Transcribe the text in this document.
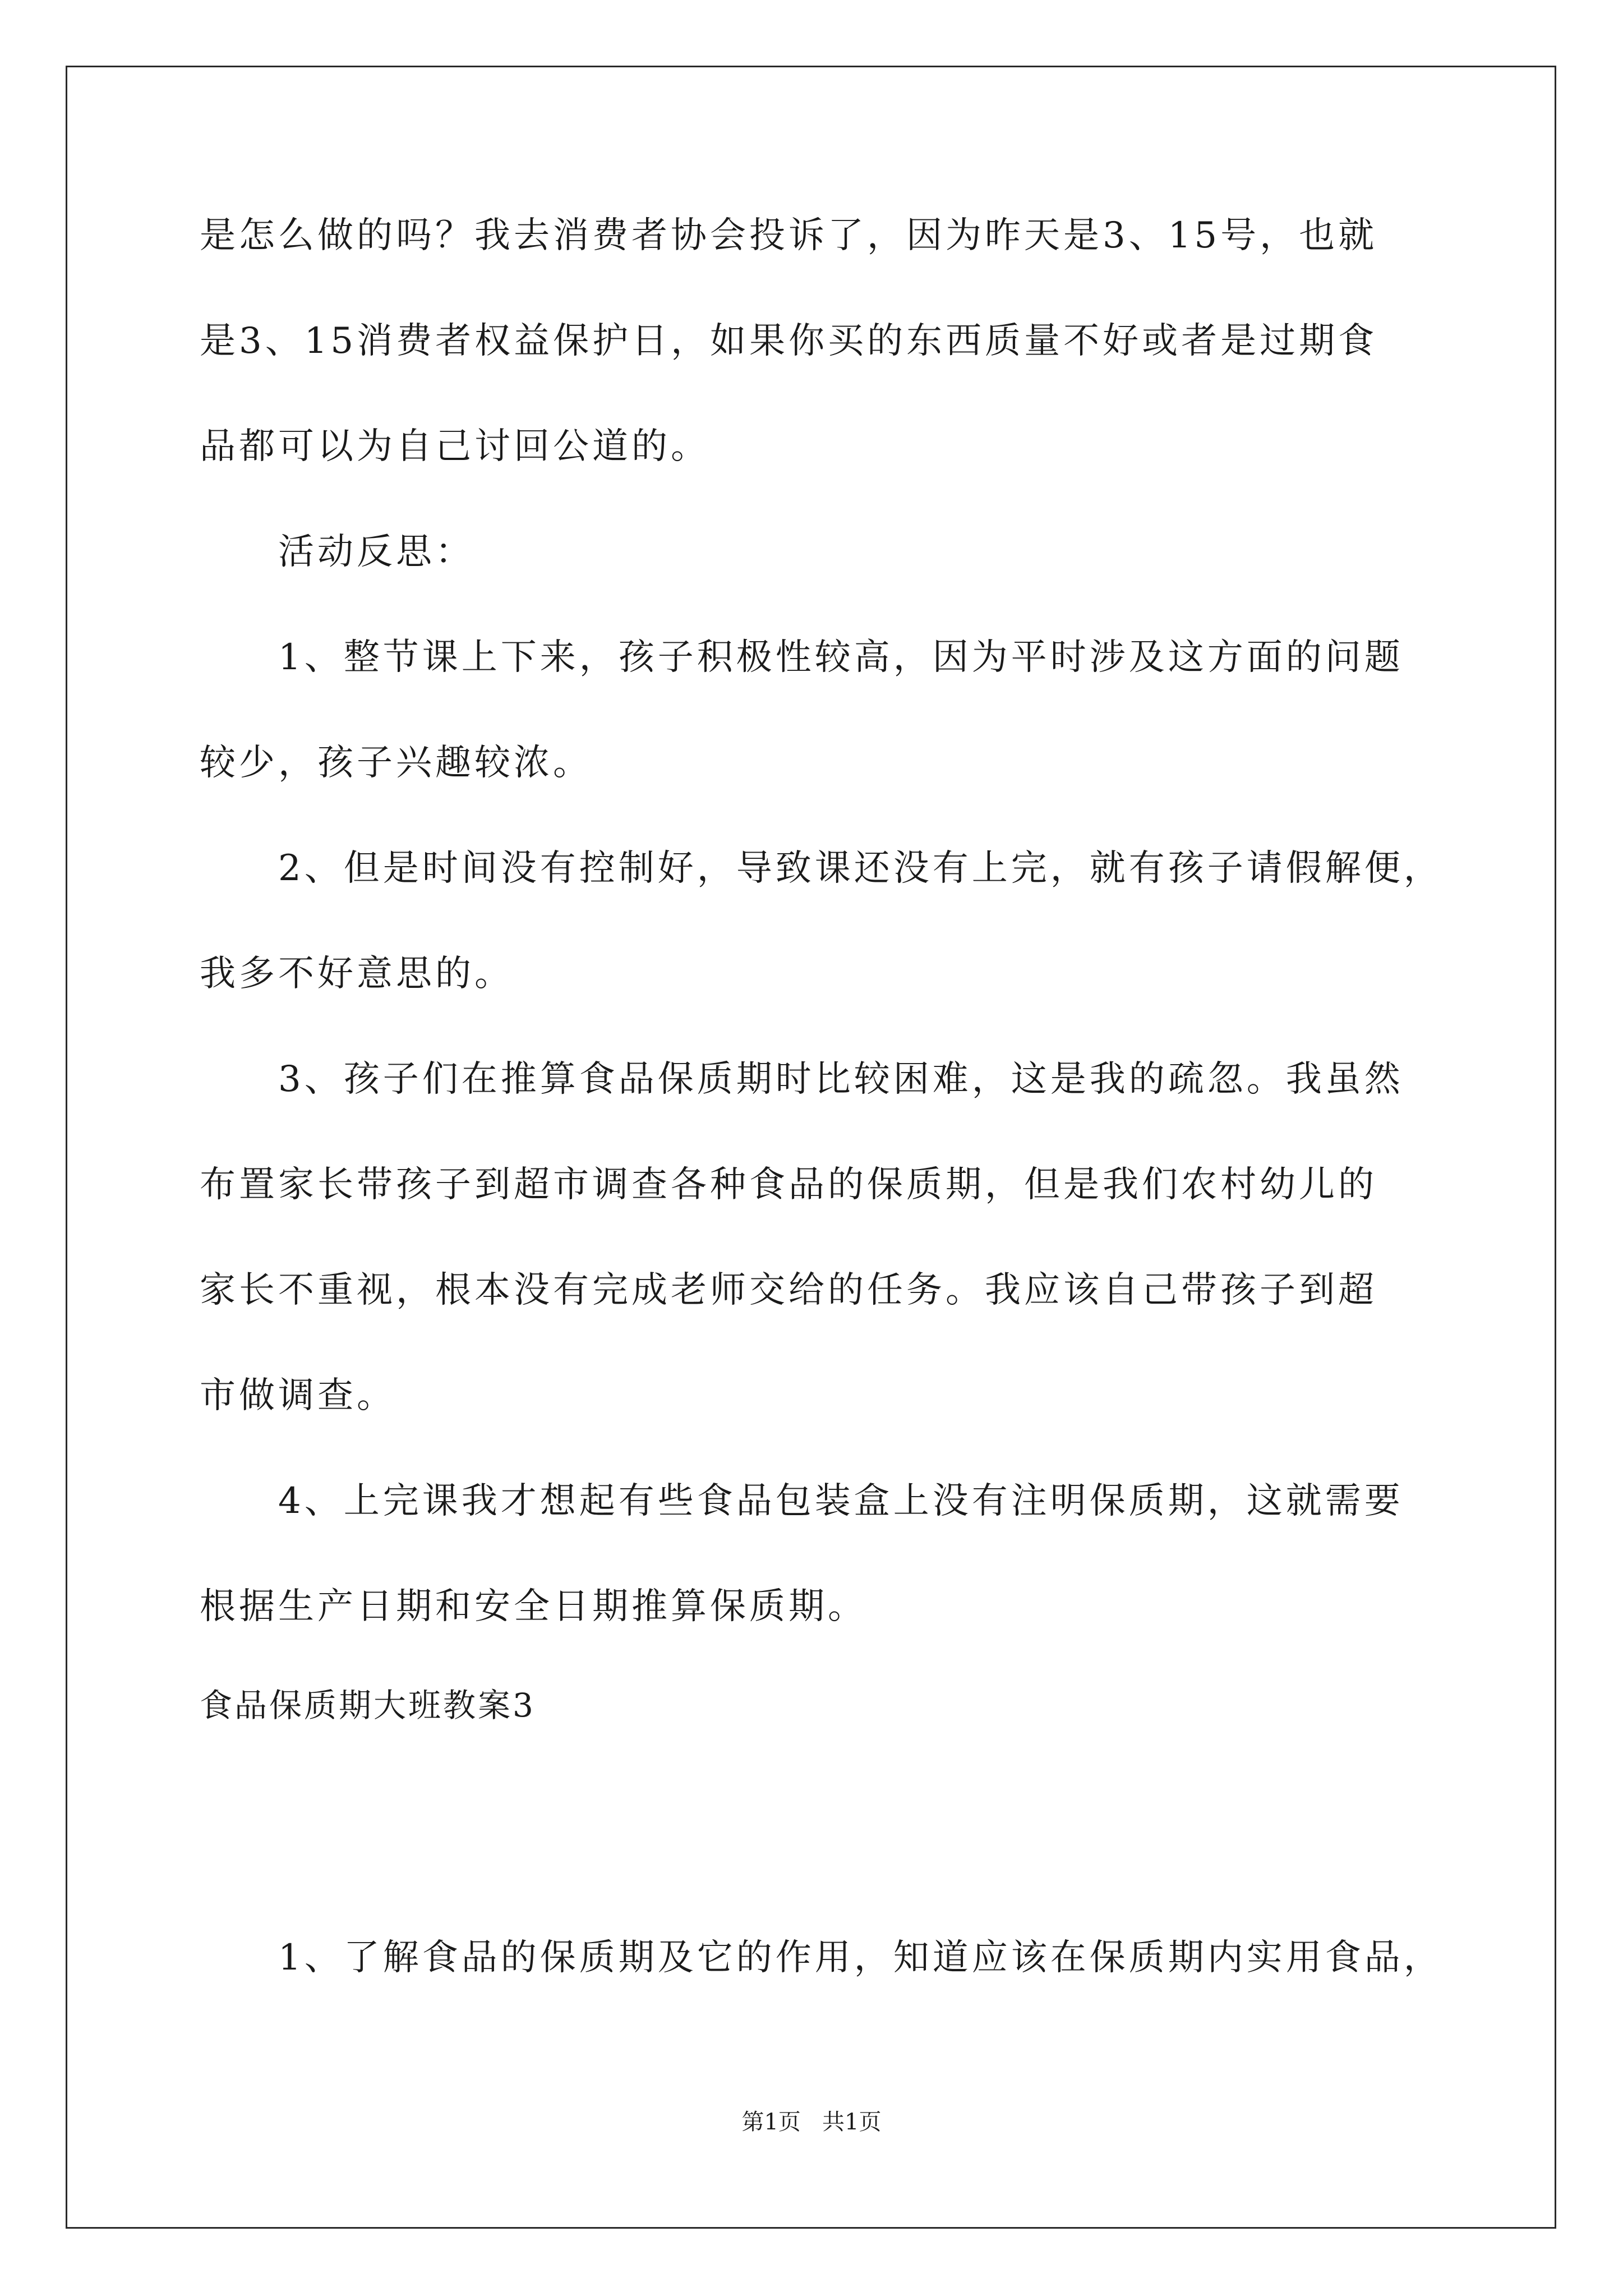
是怎么做的吗？我去消费者协会投诉了，因为昨天是3、15号，也就
是3、15消费者权益保护日，如果你买的东西质量不好或者是过期食
品都可以为自己讨回公道的。
活动反思：
1、整节课上下来，孩子积极性较高，因为平时涉及这方面的问题
较少，孩子兴趣较浓。
2、但是时间没有控制好，导致课还没有上完，就有孩子请假解便，
我多不好意思的。
3、孩子们在推算食品保质期时比较困难，这是我的疏忽。我虽然
布置家长带孩子到超市调查各种食品的保质期，但是我们农村幼儿的
家长不重视，根本没有完成老师交给的任务。我应该自己带孩子到超
市做调查。
4、上完课我才想起有些食品包装盒上没有注明保质期，这就需要
根据生产日期和安全日期推算保质期。
食品保质期大班教案3
1、了解食品的保质期及它的作用，知道应该在保质期内实用食品，
第1页   共1页
